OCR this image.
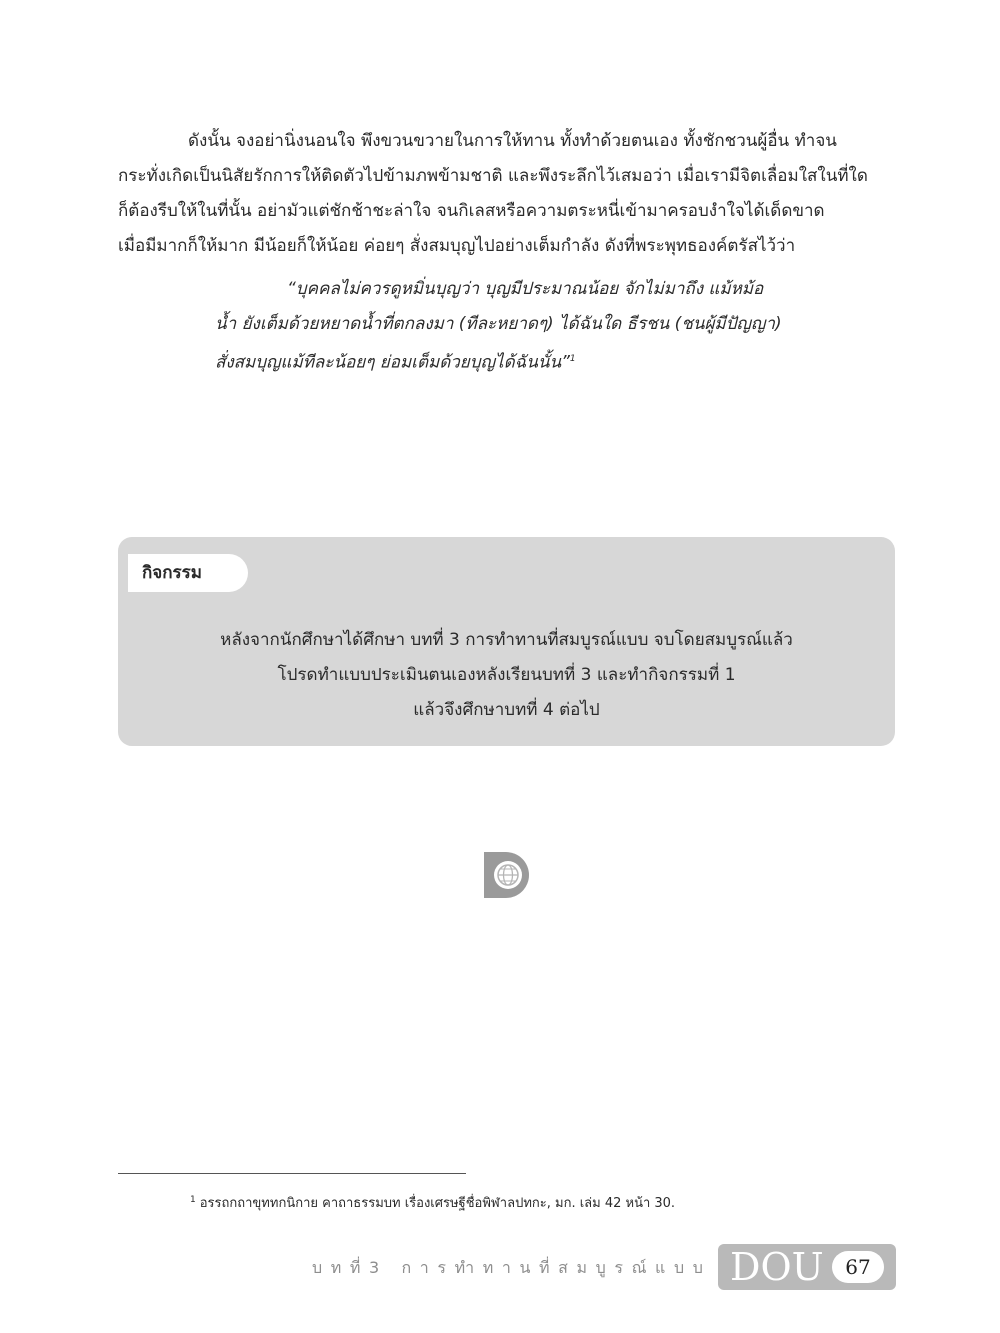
ดังนั้น จงอย่านิ่งนอนใจ พึงขวนขวายในการให้ทาน ทั้งทำด้วยตนเอง ทั้งชักชวนผู้อื่น ทำจน
กระทั่งเกิดเป็นนิสัยรักการให้ติดตัวไปข้ามภพข้ามชาติ และพึงระลึกไว้เสมอว่า เมื่อเรามีจิตเลื่อมใสในที่ใด
ก็ต้องรีบให้ในที่นั้น อย่ามัวแต่ชักช้าชะล่าใจ จนกิเลสหรือความตระหนี่เข้ามาครอบงำใจได้เด็ดขาด
เมื่อมีมากก็ให้มาก มีน้อยก็ให้น้อย ค่อยๆ สั่งสมบุญไปอย่างเต็มกำลัง ดังที่พระพุทธองค์ตรัสไว้ว่า
“บุคคลไม่ควรดูหมิ่นบุญว่า บุญมีประมาณน้อย จักไม่มาถึง แม้หม้อ
น้ำ ยังเต็มด้วยหยาดน้ำที่ตกลงมา (ทีละหยาดๆ) ได้ฉันใด ธีรชน (ชนผู้มีปัญญา)
สั่งสมบุญแม้ทีละน้อยๆ ย่อมเต็มด้วยบุญได้ฉันนั้น”$^1$
กิจกรรม
หลังจากนักศึกษาได้ศึกษา บทที่ 3 การทำทานที่สมบูรณ์แบบ จบโดยสมบูรณ์แล้ว
โปรดทำแบบประเมินตนเองหลังเรียนบทที่ 3 และทำกิจกรรมที่ 1
แล้วจึงศึกษาบทที่ 4 ต่อไป
$^1$ อรรถกถาขุททกนิกาย คาถาธรรมบท เรื่องเศรษฐีชื่อพิฬาลปทกะ, มก. เล่ม 42 หน้า 30.
บทที่3 การทำทานที่สมบูรณ์แบบ DOU	67
